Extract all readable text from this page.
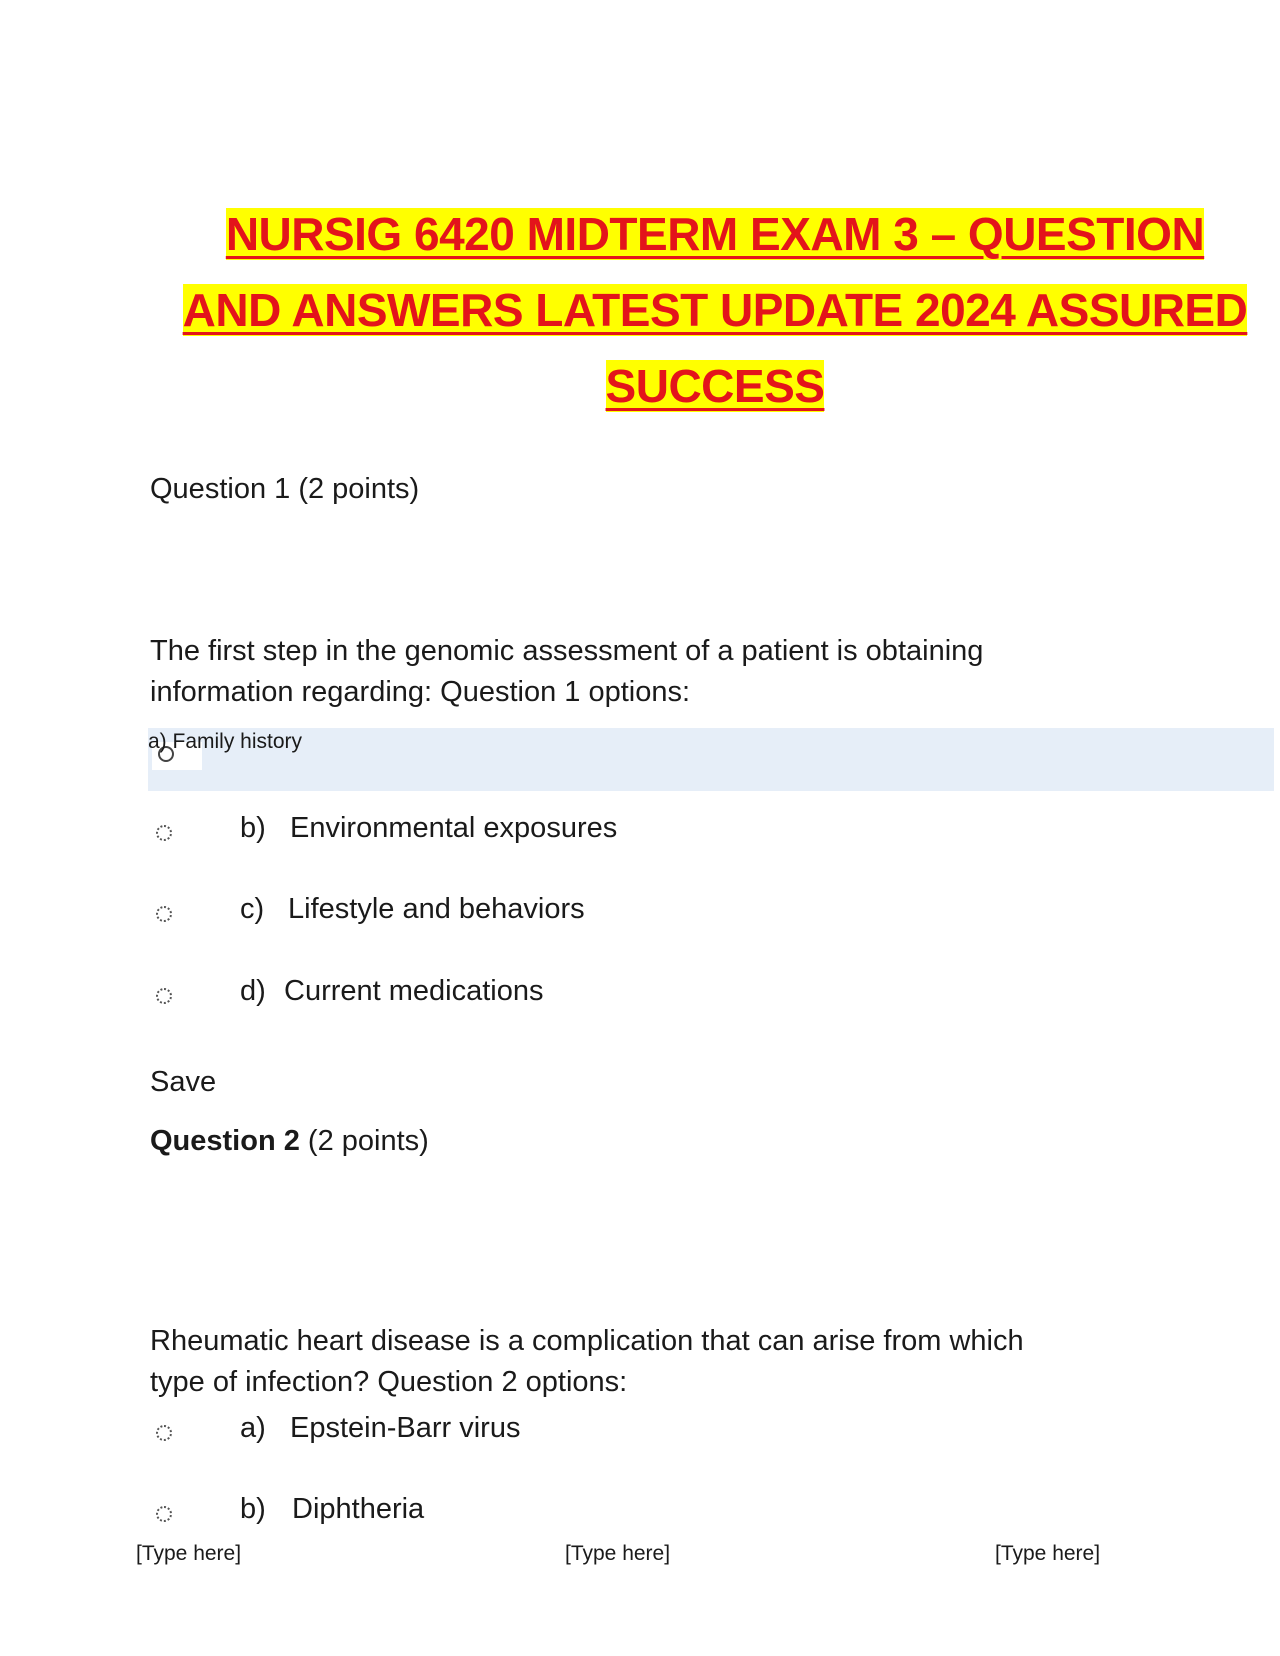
NURSIG 6420 MIDTERM EXAM 3 – QUESTION
AND ANSWERS LATEST UPDATE 2024 ASSURED
SUCCESS
Question 1 (2 points)
The first step in the genomic assessment of a patient is obtaining information regarding: Question 1 options:
a) Family history
b) Environmental exposures
c) Lifestyle and behaviors
d) Current medications
Save
Question 2 (2 points)
Rheumatic heart disease is a complication that can arise from which type of infection? Question 2 options:
a) Epstein-Barr virus
b) Diphtheria
[Type here]	[Type here]	[Type here]
